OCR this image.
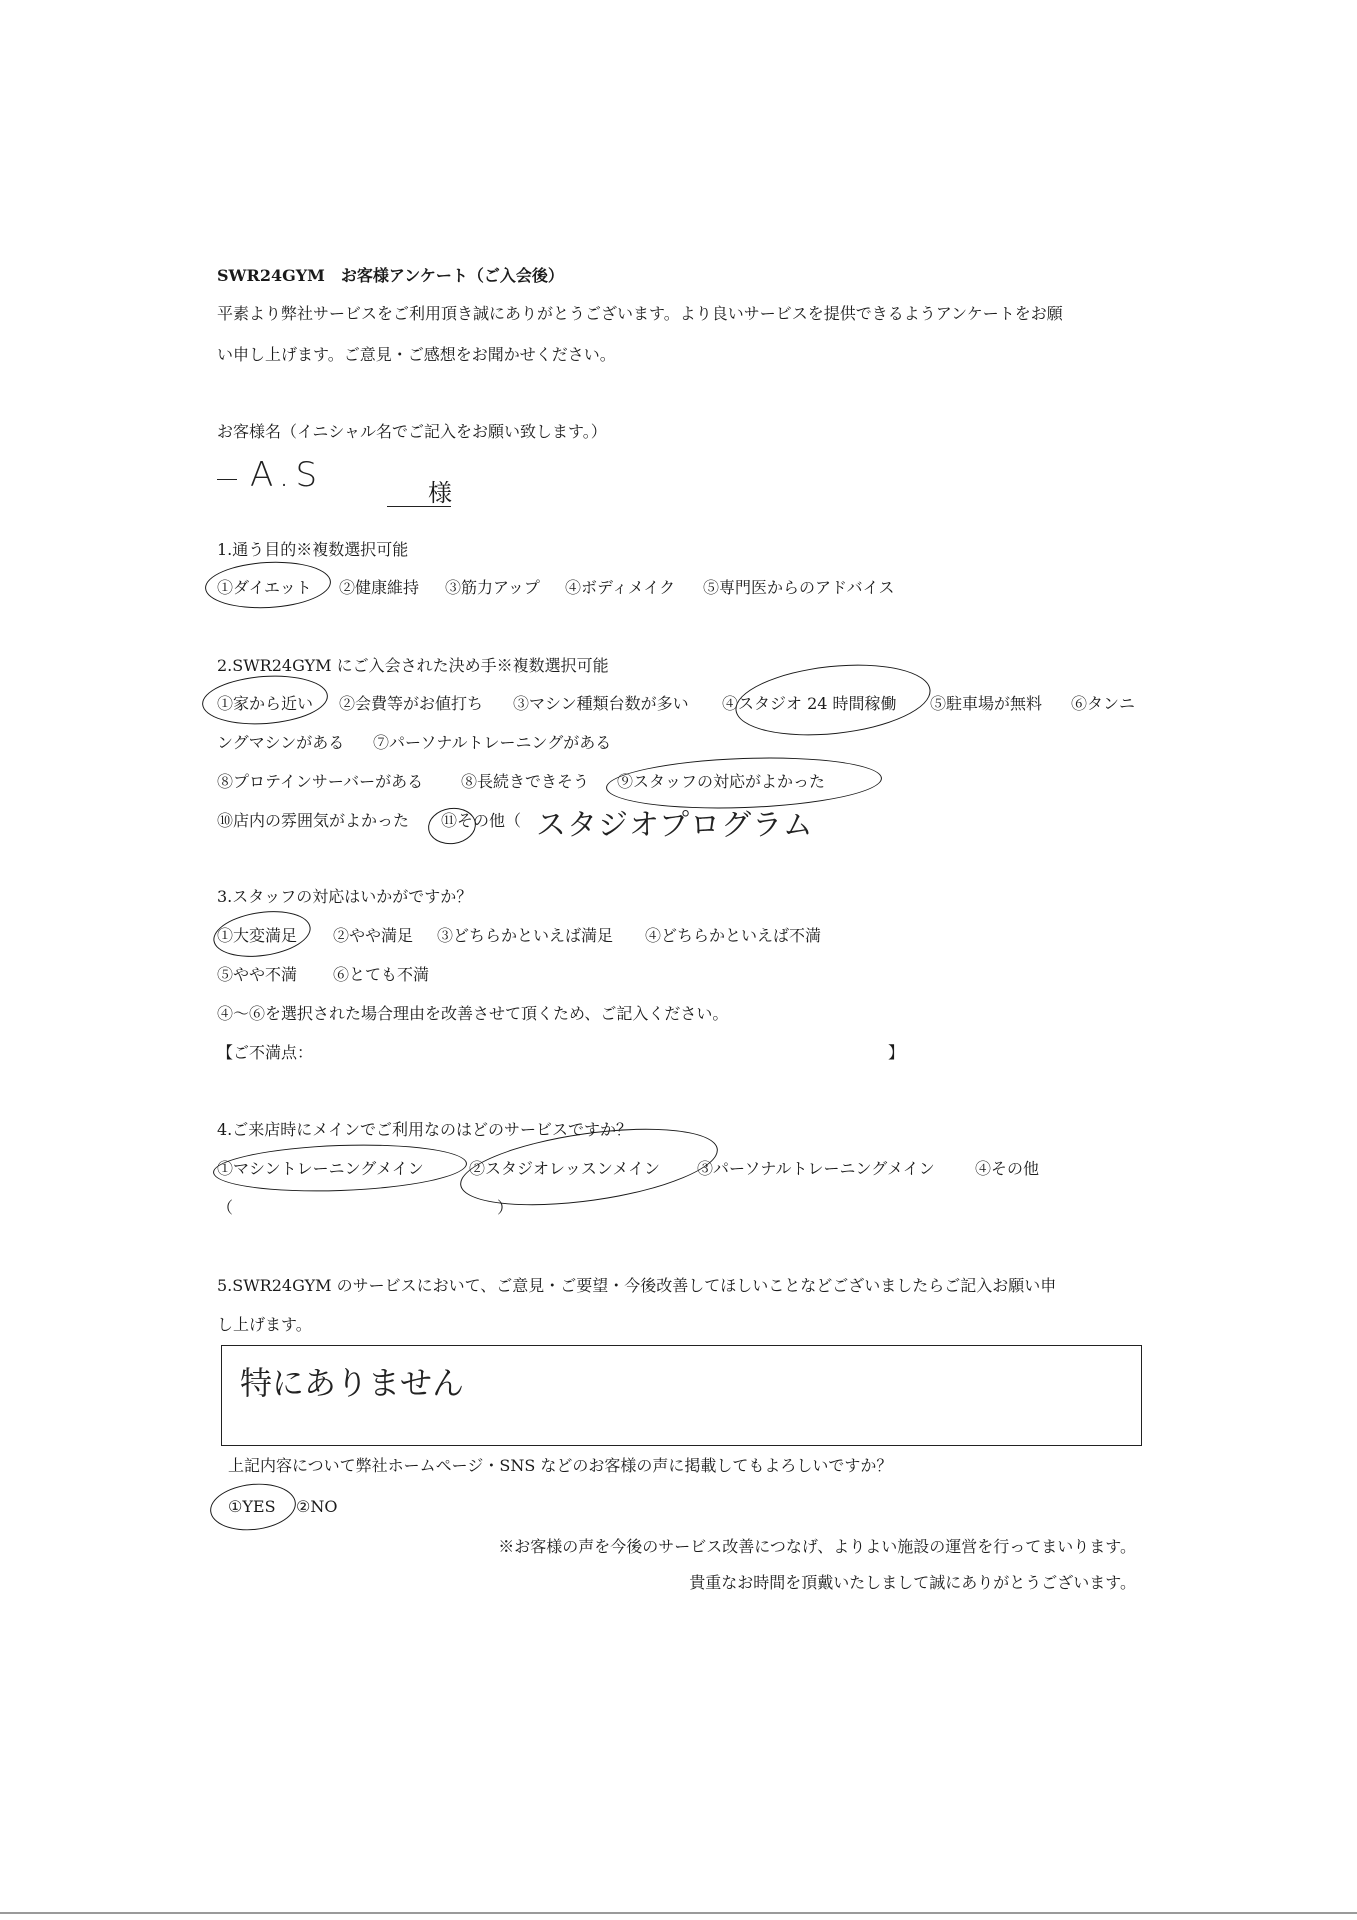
SWR24GYM　お客様アンケート（ご入会後）
平素より弊社サービスをご利用頂き誠にありがとうございます。より良いサービスを提供できるようアンケートをお願
い申し上げます。ご意見・ご感想をお聞かせください。
お客様名（イニシャル名でご記入をお願い致します。）
A.S	様
1.通う目的※複数選択可能
①ダイエット ②健康維持 ③筋力アップ ④ボディメイク ⑤専門医からのアドバイス
2.SWR24GYM にご入会された決め手※複数選択可能
①家から近い ②会費等がお値打ち ③マシン種類台数が多い ④スタジオ 24 時間稼働 ⑤駐車場が無料 ⑥タンニ
ングマシンがある ⑦パーソナルトレーニングがある
⑧プロテインサーバーがある ⑧長続きできそう ⑨スタッフの対応がよかった
⑩店内の雰囲気がよかった ⑪その他（ スタジオプログラム
3.スタッフの対応はいかがですか？
①大変満足 ②やや満足 ③どちらかといえば満足 ④どちらかといえば不満
⑤やや不満 ⑥とても不満
④～⑥を選択された場合理由を改善させて頂くため、ご記入ください。
【ご不満点：	】
4.ご来店時にメインでご利用なのはどのサービスですか？
①マシントレーニングメイン	②スタジオレッスンメイン ③パーソナルトレーニングメイン	④その他
（	）
5.SWR24GYM のサービスにおいて、ご意見・ご要望・今後改善してほしいことなどございましたらご記入お願い申
し上げます。
特にありません
上記内容について弊社ホームページ・SNS などのお客様の声に掲載してもよろしいですか？
①YES ②NO
※お客様の声を今後のサービス改善につなげ、よりよい施設の運営を行ってまいります。
貴重なお時間を頂戴いたしまして誠にありがとうございます。
